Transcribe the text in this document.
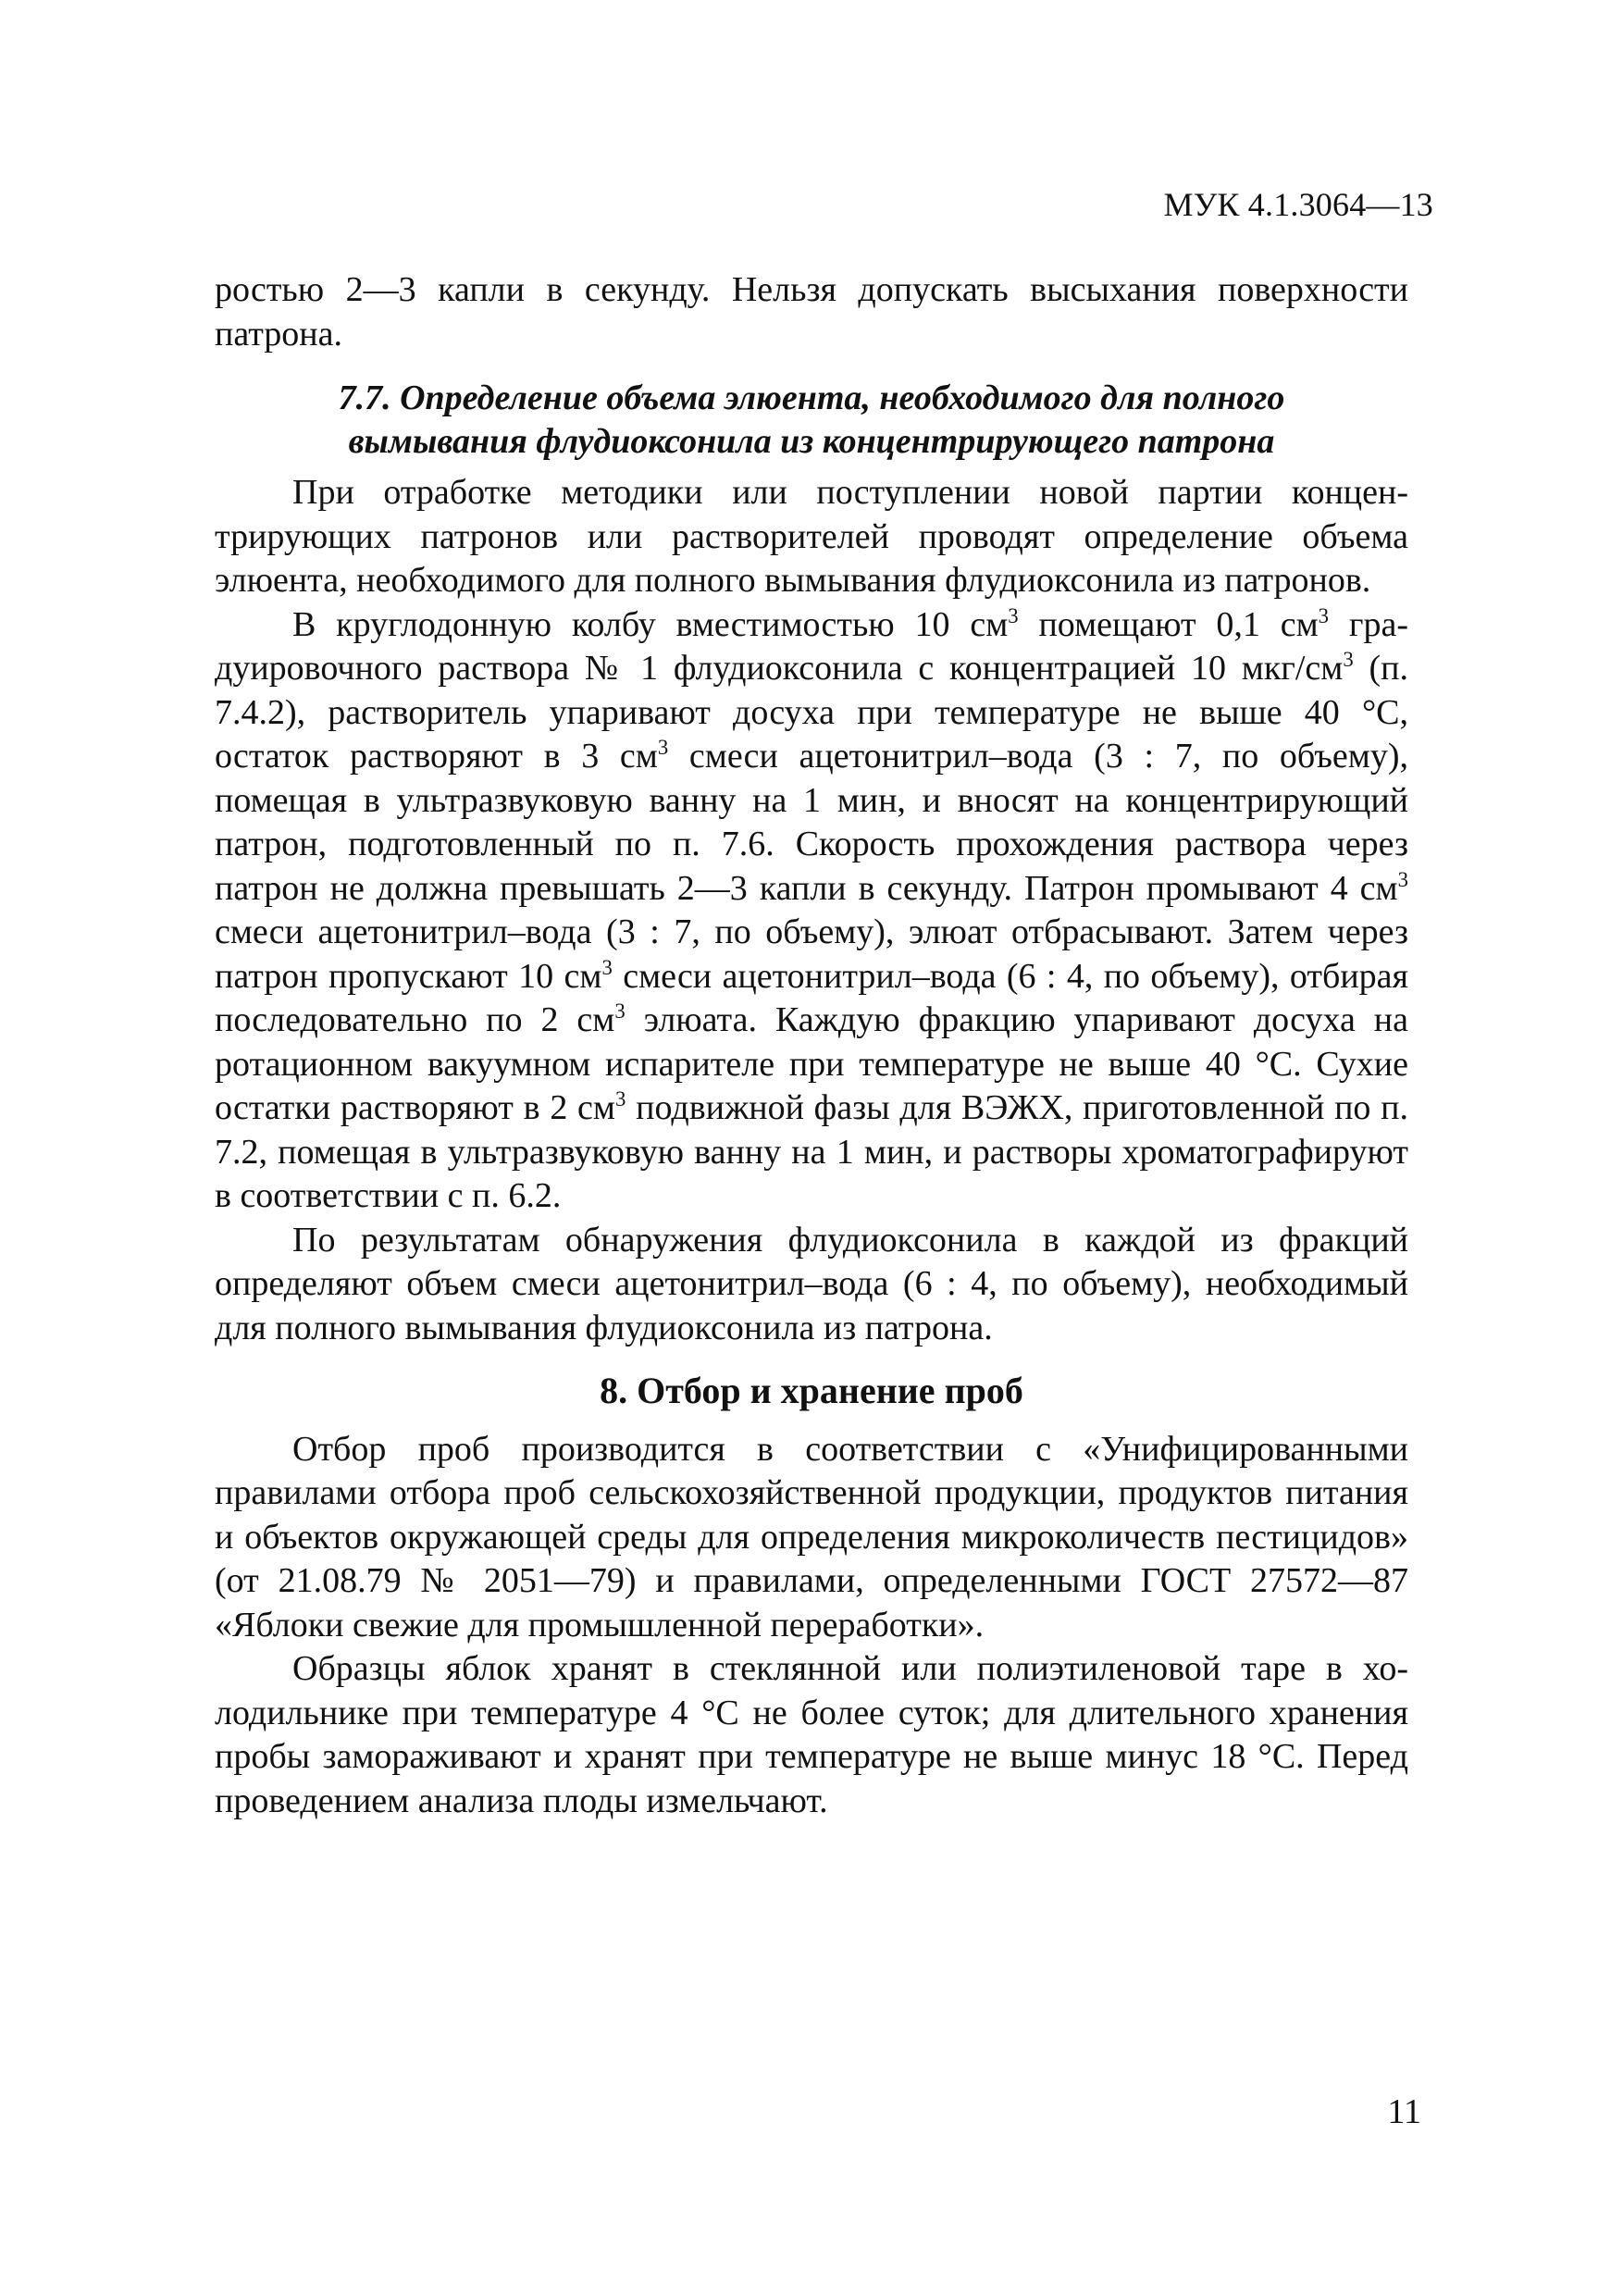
МУК 4.1.3064—13

ростью 2—3 капли в секунду. Нельзя допускать высыхания поверхности патрона.

7.7. Определение объема элюента, необходимого для полного
вымывания флудиоксонила из концентрирующего патрона

При отработке методики или поступлении новой партии концентрирующих патронов или растворителей проводят определение объема элюента, необходимого для полного вымывания флудиоксонила из патронов.

В круглодонную колбу вместимостью 10 $см^3$ помещают 0,1 $см^3$ градуировочного раствора № 1 флудиоксонила с концентрацией 10 мкг/$см^3$ (п. 7.4.2), растворитель упаривают досуха при температуре не выше 40 °С, остаток растворяют в 3 $см^3$ смеси ацетонитрил–вода (3 : 7, по объему), помещая в ультразвуковую ванну на 1 мин, и вносят на концентрирующий патрон, подготовленный по п. 7.6. Скорость прохождения раствора через патрон не должна превышать 2—3 капли в секунду. Патрон промывают 4 $см^3$ смеси ацетонитрил–вода (3 : 7, по объему), элюат отбрасывают. Затем через патрон пропускают 10 $см^3$ смеси ацетонитрил–вода (6 : 4, по объему), отбирая последовательно по 2 $см^3$ элюата. Каждую фракцию упаривают досуха на ротационном вакуумном испарителе при температуре не выше 40 °С. Сухие остатки растворяют в 2 $см^3$ подвижной фазы для ВЭЖХ, приготовленной по п. 7.2, помещая в ультразвуковую ванну на 1 мин, и растворы хроматографируют в соответствии с п. 6.2.

По результатам обнаружения флудиоксонила в каждой из фракций определяют объем смеси ацетонитрил–вода (6 : 4, по объему), необходимый для полного вымывания флудиоксонила из патрона.

8. Отбор и хранение проб

Отбор проб производится в соответствии с «Унифицированными правилами отбора проб сельскохозяйственной продукции, продуктов питания и объектов окружающей среды для определения микроколичеств пестицидов» (от 21.08.79 № 2051—79) и правилами, определенными ГОСТ 27572—87 «Яблоки свежие для промышленной переработки».

Образцы яблок хранят в стеклянной или полиэтиленовой таре в холодильнике при температуре 4 °С не более суток; для длительного хранения пробы замораживают и хранят при температуре не выше минус 18 °С. Перед проведением анализа плоды измельчают.

11
